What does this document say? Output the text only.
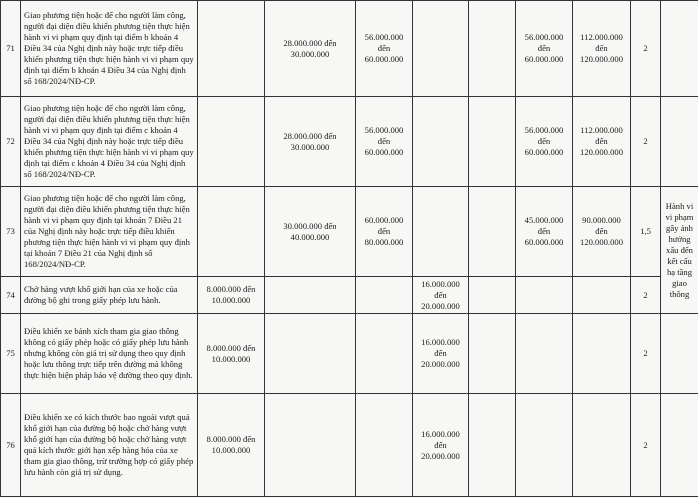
71	Giao phương tiện hoặc để cho người làm công, người đại diện điều khiển phương tiện thực hiện hành vi vi phạm quy định tại điểm b khoản 4 Điều 34 của Nghị định này hoặc trực tiếp điều khiển phương tiện thực hiện hành vi vi phạm quy định tại điểm b khoản 4 Điều 34 của Nghị định số 168/2024/NĐ-CP.		28.000.000 đến 30.000.000	56.000.000 đến 60.000.000			56.000.000 đến 60.000.000	112.000.000 đến 120.000.000	2	
72	Giao phương tiện hoặc để cho người làm công, người đại diện điều khiển phương tiện thực hiện hành vi vi phạm quy định tại điểm c khoản 4 Điều 34 của Nghị định này hoặc trực tiếp điều khiển phương tiện thực hiện hành vi vi phạm quy định tại điểm c khoản 4 Điều 34 của Nghị định số 168/2024/NĐ-CP.		28.000.000 đến 30.000.000	56.000.000 đến 60.000.000			56.000.000 đến 60.000.000	112.000.000 đến 120.000.000	2	
73	Giao phương tiện hoặc để cho người làm công, người đại diện điều khiển phương tiện thực hiện hành vi vi phạm quy định tại khoản 7 Điều 21 của Nghị định này hoặc trực tiếp điều khiển phương tiện thực hiện hành vi vi phạm quy định tại khoản 7 Điều 21 của Nghị định số 168/2024/NĐ-CP.		30.000.000 đến 40.000.000	60.000.000 đến 80.000.000			45.000.000 đến 60.000.000	90.000.000 đến 120.000.000	1,5	Hành vi vi phạm gây ảnh hưởng xấu đến kết cấu hạ tầng giao thông
74	Chở hàng vượt khổ giới hạn của xe hoặc của đường bộ ghi trong giấy phép lưu hành.	8.000.000 đến 10.000.000			16.000.000 đến 20.000.000				2	
75	Điều khiển xe bánh xích tham gia giao thông không có giấy phép hoặc có giấy phép lưu hành nhưng không còn giá trị sử dụng theo quy định hoặc lưu thông trực tiếp trên đường mà không thực hiện biện pháp bảo vệ đường theo quy định.	8.000.000 đến 10.000.000			16.000.000 đến 20.000.000				2	
76	Điều khiển xe có kích thước bao ngoài vượt quá khổ giới hạn của đường bộ hoặc chở hàng vượt khổ giới hạn của đường bộ hoặc chở hàng vượt quá kích thước giới hạn xếp hàng hóa của xe tham gia giao thông, trừ trường hợp có giấy phép lưu hành còn giá trị sử dụng.	8.000.000 đến 10.000.000			16.000.000 đến 20.000.000				2	
